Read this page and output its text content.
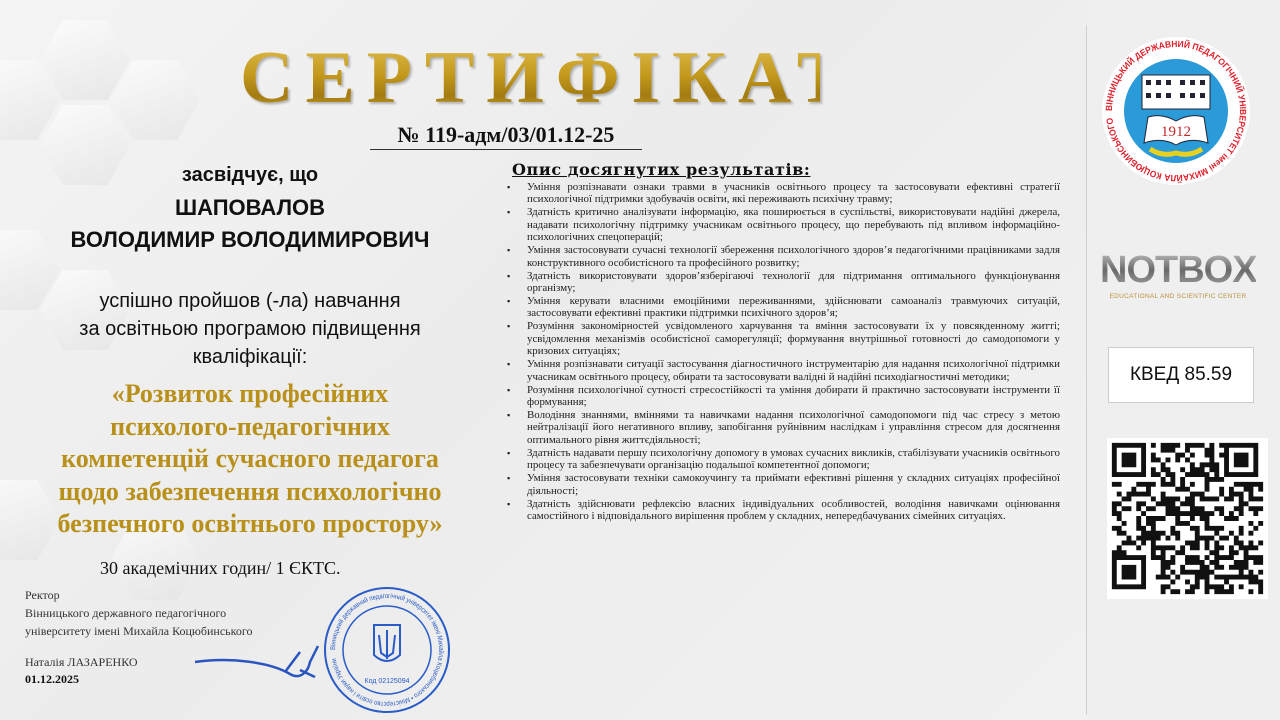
СЕРТИФІКАТ
№ 119-адм/03/01.12-25
засвідчує, що
ШАПОВАЛОВ
ВОЛОДИМИР ВОЛОДИМИРОВИЧ
успішно пройшов (-ла) навчання
за освітньою програмою підвищення
кваліфікації:
«Розвиток професійних
психолого-педагогічних
компетенцій сучасного педагога
щодо забезпечення психологічно
безпечного освітнього простору»
30 академічних годин/ 1 ЄКТС.
Ректор
Вінницького державного педагогічного
університету імені Михайла Коцюбинського
Наталія ЛАЗАРЕНКО
01.12.2025
Вінницький державний педагогічний університет імені Михайла Коцюбинського • Міністерство освіти і науки України
Код 02125094
Опис досягнутих результатів:
▪ Уміння розпізнавати ознаки травми в учасників освітнього процесу та застосовувати ефективні стратегії психологічної підтримки здобувачів освіти, які переживають психічну травму;
▪ Здатність критично аналізувати інформацію, яка поширюється в суспільстві, використовувати надійні джерела, надавати психологічну підтримку учасникам освітнього процесу, що перебувають під впливом інформаційно-психологічних спецоперацій;
▪ Уміння застосовувати сучасні технології збереження психологічного здоров’я педагогічними працівниками задля конструктивного особистісного та професійного розвитку;
▪ Здатність використовувати здоров’язберігаючі технології для підтримання оптимального функціонування організму;
▪ Уміння керувати власними емоційними переживаннями, здійснювати самоаналіз травмуючих ситуацій, застосовувати ефективні практики підтримки психічного здоров’я;
▪ Розуміння закономірностей усвідомленого харчування та вміння застосовувати їх у повсякденному житті; усвідомлення механізмів особистісної саморегуляції; формування внутрішньої готовності до самодопомоги у кризових ситуаціях;
▪ Уміння розпізнавати ситуації застосування діагностичного інструментарію для надання психологічної підтримки учасникам освітнього процесу, обирати та застосовувати валідні й надійні психодіагностичні методики;
▪ Розуміння психологічної сутності стресостійкості та уміння добирати й практично застосовувати інструменти її формування;
▪ Володіння знаннями, вміннями та навичками надання психологічної самодопомоги під час стресу з метою нейтралізації його негативного впливу, запобігання руйнівним наслідкам і управління стресом для досягнення оптимального рівня життєдіяльності;
▪ Здатність надавати першу психологічну допомогу в умовах сучасних викликів, стабілізувати учасників освітнього процесу та забезпечувати організацію подальшої компетентної допомоги;
▪ Уміння застосовувати техніки самокоучингу та приймати ефективні рішення у складних ситуаціях професійної діяльності;
▪ Здатність здійснювати рефлексію власних індивідуальних особливостей, володіння навичками оцінювання самостійного і відповідального вирішення проблем у складних, непередбачуваних сімейних ситуаціях.
ВІННИЦЬКИЙ ДЕРЖАВНИЙ ПЕДАГОГІЧНИЙ УНІВЕРСИТЕТ імені МИХАЙЛА КОЦЮБИНСЬКОГО
1912
NOTBOX
EDUCATIONAL AND SCIENTIFIC CENTER
КВЕД 85.59
